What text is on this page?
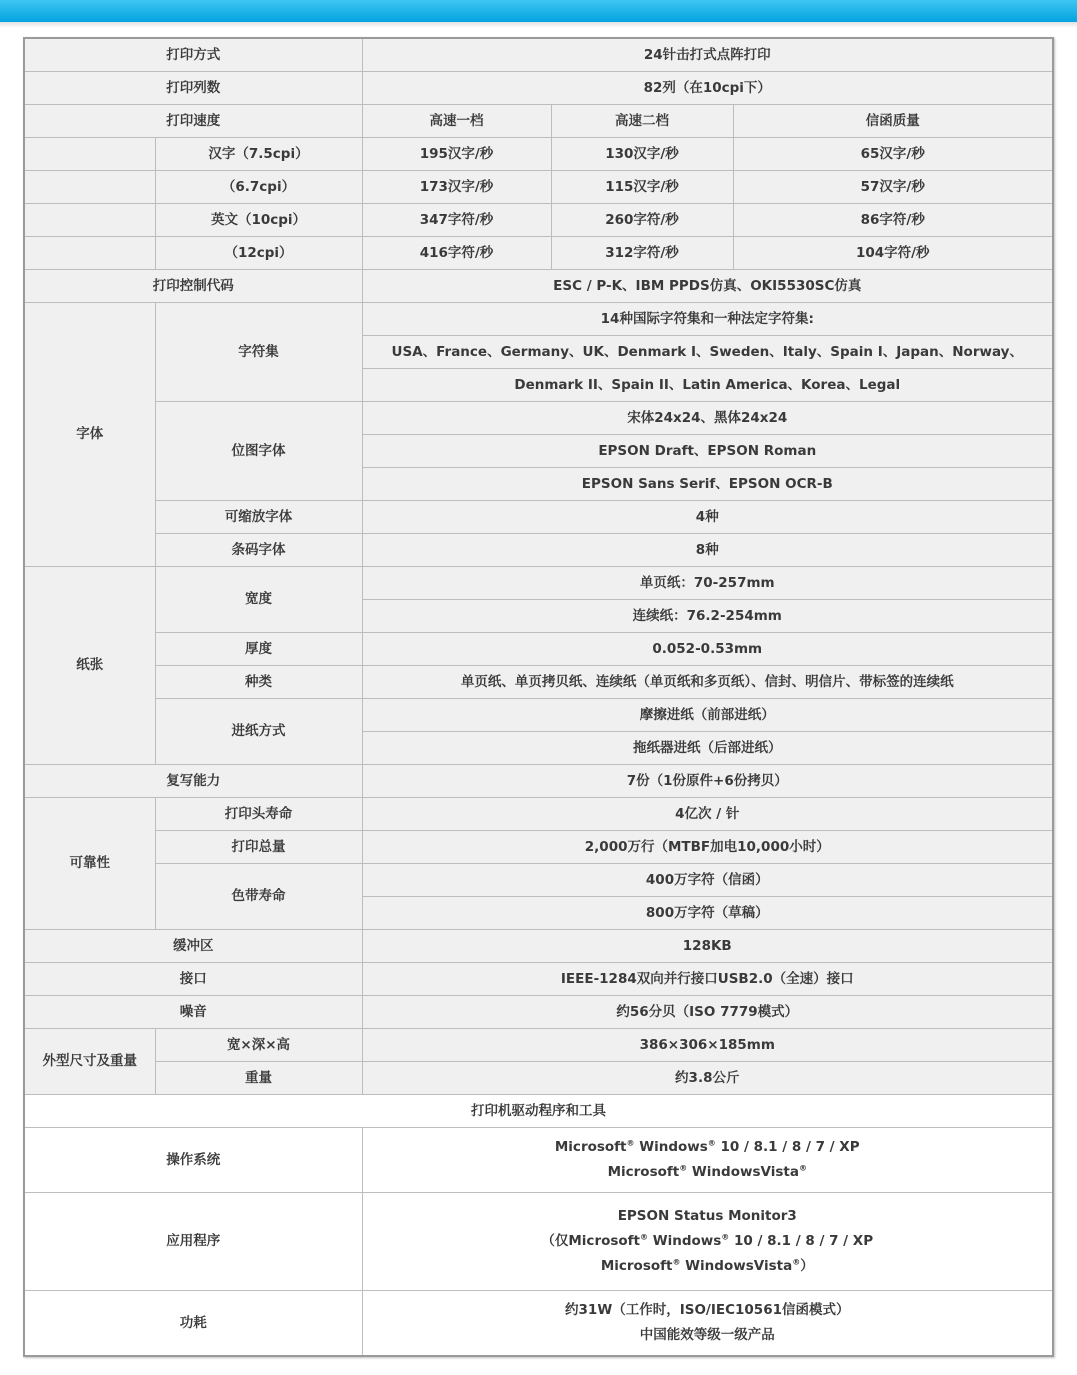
打印方式		24针击打式点阵打印		
打印列数		82列（在10cpi下）		
打印速度		高速一档	高速二档	信函质量
	汉字（7.5cpi）	195汉字/秒	130汉字/秒	65汉字/秒
	（6.7cpi）	173汉字/秒	115汉字/秒	57汉字/秒
	英文（10cpi）	347字符/秒	260字符/秒	86字符/秒
	（12cpi）	416字符/秒	312字符/秒	104字符/秒
打印控制代码		ESC / P-K、IBM PPDS仿真、OKI5530SC仿真		
字体	字符集	14种国际字符集和一种法定字符集:		
		USA、France、Germany、UK、Denmark I、Sweden、Italy、Spain I、Japan、Norway、		
		Denmark II、Spain II、Latin America、Korea、Legal		
	位图字体	宋体24x24、黑体24x24		
		EPSON Draft、EPSON Roman		
		EPSON Sans Serif、EPSON OCR-B		
	可缩放字体	4种		
	条码字体	8种		
纸张	宽度	单页纸：70-257mm		
		连续纸：76.2-254mm		
	厚度	0.052-0.53mm		
	种类	单页纸、单页拷贝纸、连续纸（单页纸和多页纸）、信封、明信片、带标签的连续纸		
	进纸方式	摩擦进纸（前部进纸）		
		拖纸器进纸（后部进纸）		
复写能力		7份（1份原件+6份拷贝）		
可靠性	打印头寿命	4亿次 / 针		
	打印总量	2,000万行（MTBF加电10,000小时）		
	色带寿命	400万字符（信函）		
		800万字符（草稿）		
缓冲区		128KB		
接口		IEEE-1284双向并行接口USB2.0（全速）接口		
噪音		约56分贝（ISO 7779模式）		
外型尺寸及重量	宽×深×高	386×306×185mm		
	重量	约3.8公斤		
打印机驱动程序和工具				
操作系统		Microsoft® Windows® 10 / 8.1 / 8 / 7 / XP
Microsoft® WindowsVista®
应用程序		EPSON Status Monitor3
（仅Microsoft® Windows® 10 / 8.1 / 8 / 7 / XP
Microsoft® WindowsVista®）		
功耗		约31W（工作时，ISO/IEC10561信函模式）
中国能效等级一级产品		
